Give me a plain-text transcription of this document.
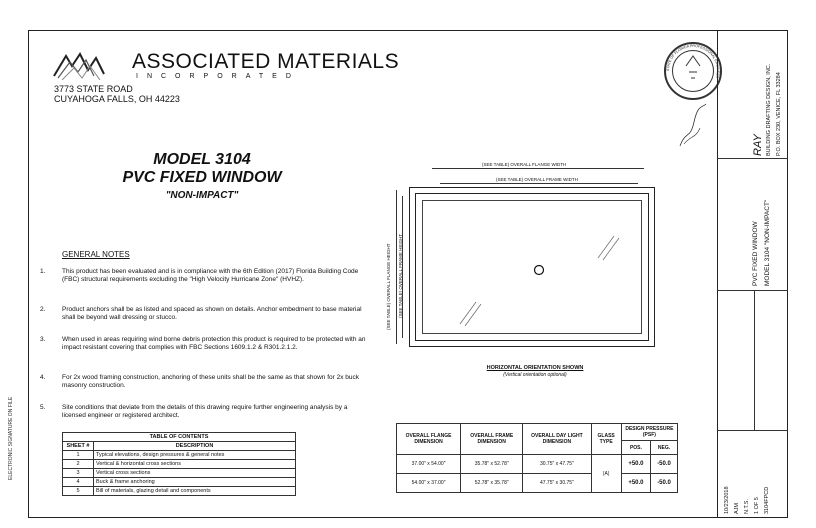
ASSOCIATED MATERIALS
INCORPORATED
3773 STATE ROAD
CUYAHOGA FALLS, OH 44223
MODEL 3104
PVC FIXED WINDOW
"NON-IMPACT"
GENERAL NOTES
1.	This product has been evaluated and is in compliance with the 6th Edition (2017) Florida Building Code (FBC) structural requirements excluding the "High Velocity Hurricane Zone" (HVHZ).
2.	Product anchors shall be as listed and spaced as shown on details. Anchor embedment to base material shall be beyond wall dressing or stucco.
3.	When used in areas requiring wind borne debris protection this product is required to be protected with an impact resistant covering that complies with FBC Sections 1609.1.2 & R301.2.1.2.
4.	For 2x wood framing construction, anchoring of these units shall be the same as that shown for 2x buck masonry construction.
5.	Site conditions that deviate from the details of this drawing require further engineering analysis by a licensed engineer or registered architect.
TABLE OF CONTENTS	
SHEET #	DESCRIPTION
1	Typical elevations, design pressures & general notes
2	Vertical & horizontal cross sections
3	Vertical cross sections
4	Buck & frame anchoring
5	Bill of materials, glazing detail and components
(SEE TABLE) OVERALL FLANGE WIDTH
(SEE TABLE) OVERALL FRAME WIDTH
(SEE TABLE) OVERALL FLANGE HEIGHT (SEE TABLE) OVERALL FRAME HEIGHT
HORIZONTAL ORIENTATION SHOWN
(Vertical orientation optional)
OVERALL FLANGE DIMENSION	OVERALL FRAME DIMENSION	OVERALL DAY LIGHT DIMENSION	GLASS TYPE	DESIGN PRESSURE (PSF)	
				POS.	NEG.
37.00" x 54.00"	35.78" x 52.78"	30.75" x 47.75"	(A)	+50.0	-50.0
54.00" x 37.00"	52.78" x 35.78"	47.75" x 30.75"		+50.0	-50.0
STATE OF FLORIDA PROFESSIONAL ENGINEER
RAY BUILDING DRAFTING DESIGN, INC. P.O. BOX 230, VENICE, FL 33284
PVC FIXED WINDOW MODEL 3104 "NON-IMPACT"
10/23/2018 AJM N.T.S. 1 OF 5 3104FPCD
ELECTRONIC SIGNATURE ON FILE
